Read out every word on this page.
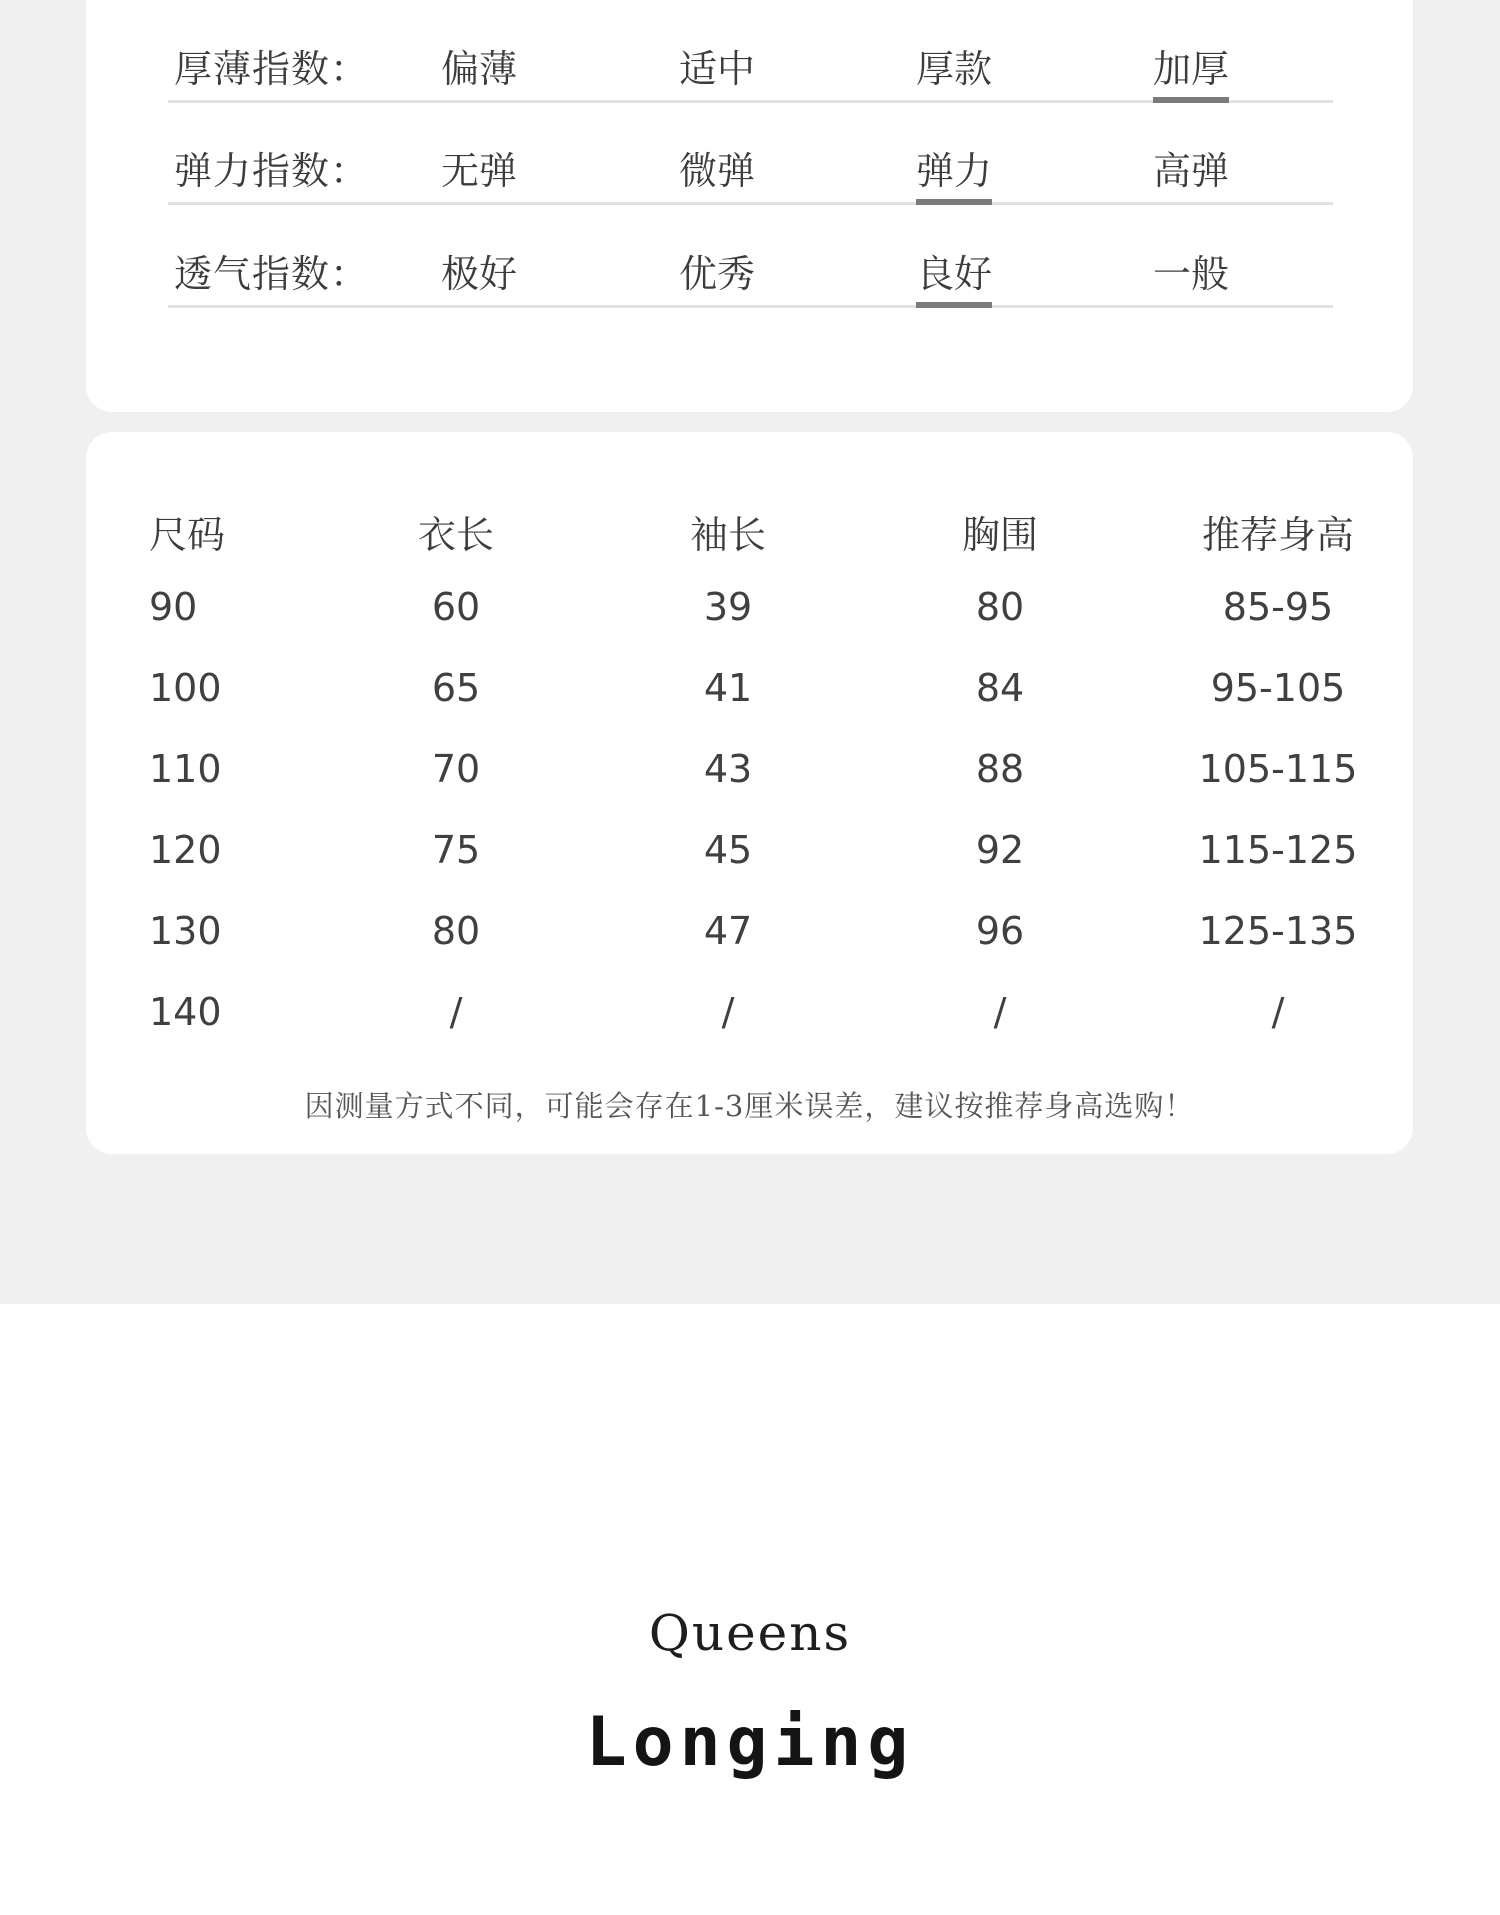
厚薄指数： 偏薄	适中	厚款	加厚
弹力指数： 无弹	微弹	弹力	高弹
透气指数： 极好	优秀	良好	一般
尺码	衣长	袖长	胸围	推荐身高
90	60	39	80	85-95
100	65	41	84	95-105
110	70	43	88	105-115
120	75	45	92	115-125
130	80	47	96	125-135
140	/	/	/	/
因测量方式不同，可能会存在1-3厘米误差，建议按推荐身高选购！
Queens
Longing
